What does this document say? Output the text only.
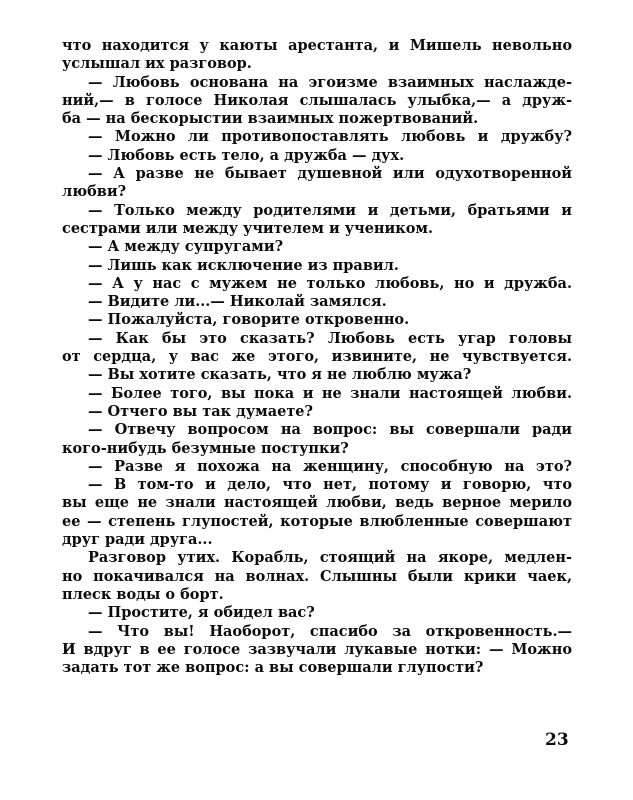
что находится у каюты арестанта, и Мишель невольно
услышал их разговор.
— Любовь основана на эгоизме взаимных наслажде-
ний,— в голосе Николая слышалась улыбка,— а друж-
ба — на бескорыстии взаимных пожертвований.
— Можно ли противопоставлять любовь и дружбу?
— Любовь есть тело, а дружба — дух.
— А разве не бывает душевной или одухотворенной
любви?
— Только между родителями и детьми, братьями и
сестрами или между учителем и учеником.
— А между супругами?
— Лишь как исключение из правил.
— А у нас с мужем не только любовь, но и дружба.
— Видите ли...— Николай замялся.
— Пожалуйста, говорите откровенно.
— Как бы это сказать? Любовь есть угар головы
от сердца, у вас же этого, извините, не чувствуется.
— Вы хотите сказать, что я не люблю мужа?
— Более того, вы пока и не знали настоящей любви.
— Отчего вы так думаете?
— Отвечу вопросом на вопрос: вы совершали ради
кого-нибудь безумные поступки?
— Разве я похожа на женщину, способную на это?
— В том-то и дело, что нет, потому и говорю, что
вы еще не знали настоящей любви, ведь верное мерило
ее — степень глупостей, которые влюбленные совершают
друг ради друга...
Разговор утих. Корабль, стоящий на якоре, медлен-
но покачивался на волнах. Слышны были крики чаек,
плеск воды о борт.
— Простите, я обидел вас?
— Что вы! Наоборот, спасибо за откровенность.—
И вдруг в ее голосе зазвучали лукавые нотки: — Можно
задать тот же вопрос: а вы совершали глупости?
23
